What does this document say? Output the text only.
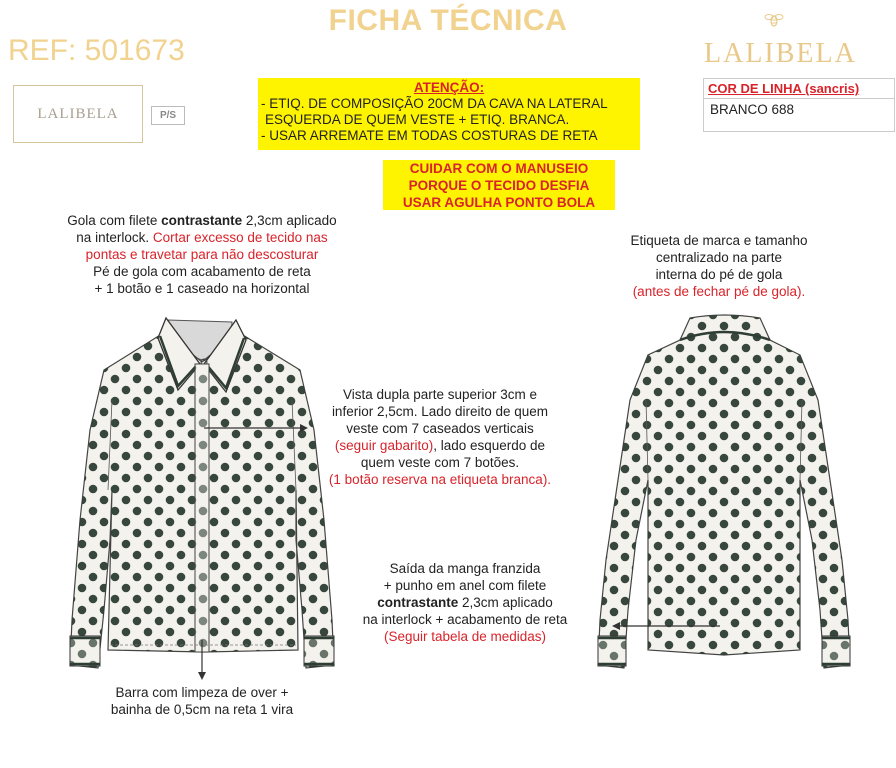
FICHA TÉCNICA
REF: 501673	LALIBELA
LALIBELA	P/S
ATENÇÃO:
- ETIQ. DE COMPOSIÇÃO 20CM DA CAVA NA LATERAL
ESQUERDA DE QUEM VESTE + ETIQ. BRANCA.
- USAR ARREMATE EM TODAS COSTURAS DE RETA
CUIDAR COM O MANUSEIO
PORQUE O TECIDO DESFIA
USAR AGULHA PONTO BOLA
COR DE LINHA (sancris)
BRANCO 688
Gola com filete contrastante 2,3cm aplicado
na interlock. Cortar excesso de tecido nas
pontas e travetar para não descosturar
Pé de gola com acabamento de reta
+ 1 botão e 1 caseado na horizontal
Etiqueta de marca e tamanho
centralizado na parte
interna do pé de gola
(antes de fechar pé de gola).
Vista dupla parte superior 3cm e
inferior 2,5cm. Lado direito de quem
veste com 7 caseados verticais
(seguir gabarito), lado esquerdo de
quem veste com 7 botões.
(1 botão reserva na etiqueta branca).
Saída da manga franzida
+ punho em anel com filete
contrastante 2,3cm aplicado
na interlock + acabamento de reta
(Seguir tabela de medidas)
Barra com limpeza de over +
bainha de 0,5cm na reta 1 vira
